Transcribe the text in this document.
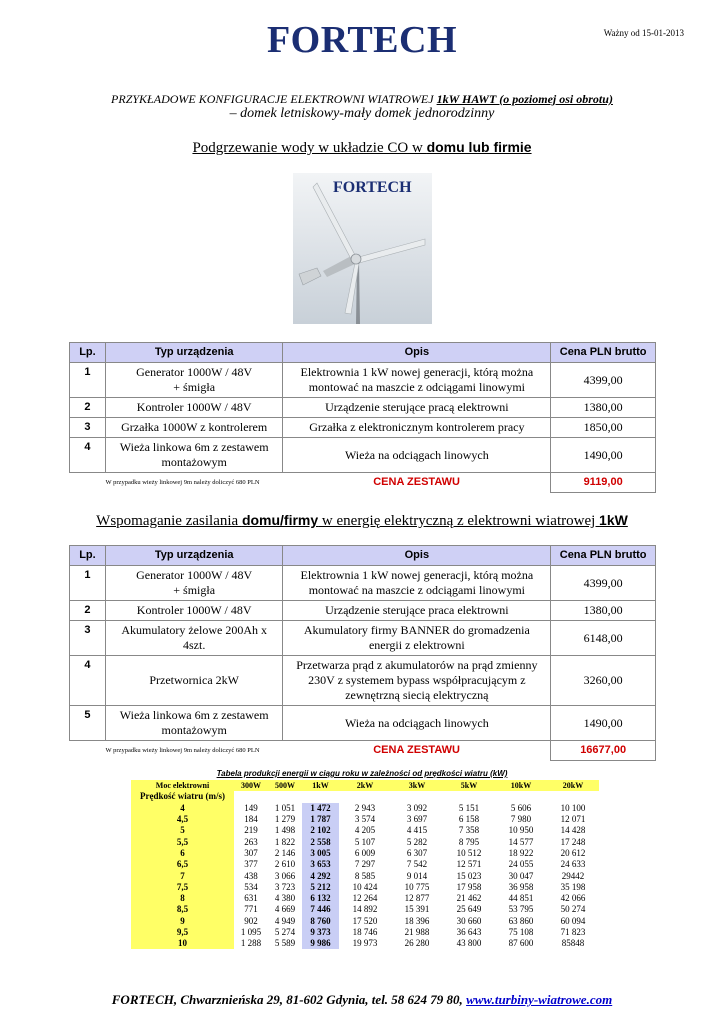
FORTECH	Ważny od 15-01-2013
PRZYKŁADOWE KONFIGURACJE ELEKTROWNI WIATROWEJ 1kW HAWT (o poziomej osi obrotu)
– domek letniskowy-mały domek jednorodzinny
Podgrzewanie wody w układzie CO w domu lub firmie
FORTECH
Lp.	Typ urządzenia	Opis	Cena PLN brutto
1	Generator 1000W / 48V
+ śmigła	Elektrownia 1 kW nowej generacji, którą można montować na maszcie z odciągami linowymi	4399,00
2	Kontroler 1000W / 48V	Urządzenie sterujące pracą elektrowni	1380,00
3	Grzałka 1000W z kontrolerem	Grzałka z elektronicznym kontrolerem pracy	1850,00
4	Wieża linkowa 6m z zestawem montażowym	Wieża na odciągach linowych	1490,00
W przypadku wieży linkowej 9m należy doliczyć 680 PLN		CENA ZESTAWU	9119,00
Wspomaganie zasilania domu/firmy w energię elektryczną z elektrowni wiatrowej 1kW
Lp.	Typ urządzenia	Opis	Cena PLN brutto
1	Generator 1000W / 48V
+ śmigła	Elektrownia 1 kW nowej generacji, którą można montować na maszcie z odciągami linowymi	4399,00
2	Kontroler 1000W / 48V	Urządzenie sterujące praca elektrowni	1380,00
3	Akumulatory żelowe 200Ah x 4szt.	Akumulatory firmy BANNER do gromadzenia energii z elektrowni	6148,00
4	Przetwornica 2kW	Przetwarza prąd z akumulatorów na prąd zmienny 230V z systemem bypass współpracującym z zewnętrzną siecią elektryczną	3260,00
5	Wieża linkowa 6m z zestawem montażowym	Wieża na odciągach linowych	1490,00
W przypadku wieży linkowej 9m należy doliczyć 680 PLN		CENA ZESTAWU	16677,00
Tabela produkcji energii w ciągu roku w zależności od prędkości wiatru (kW)
Moc elektrowni	300W	500W	1kW	2kW	3kW	5kW	10kW	20kW
Prędkość wiatru (m/s)								
4	149	1 051	1 472	2 943	3 092	5 151	5 606	10 100
4,5	184	1 279	1 787	3 574	3 697	6 158	7 980	12 071
5	219	1 498	2 102	4 205	4 415	7 358	10 950	14 428
5,5	263	1 822	2 558	5 107	5 282	8 795	14 577	17 248
6	307	2 146	3 005	6 009	6 307	10 512	18 922	20 612
6,5	377	2 610	3 653	7 297	7 542	12 571	24 055	24 633
7	438	3 066	4 292	8 585	9 014	15 023	30 047	29442
7,5	534	3 723	5 212	10 424	10 775	17 958	36 958	35 198
8	631	4 380	6 132	12 264	12 877	21 462	44 851	42 066
8,5	771	4 669	7 446	14 892	15 391	25 649	53 795	50 274
9	902	4 949	8 760	17 520	18 396	30 660	63 860	60 094
9,5	1 095	5 274	9 373	18 746	21 988	36 643	75 108	71 823
10	1 288	5 589	9 986	19 973	26 280	43 800	87 600	85848
FORTECH, Chwarznieńska 29, 81-602 Gdynia, tel. 58 624 79 80, www.turbiny-wiatrowe.com
